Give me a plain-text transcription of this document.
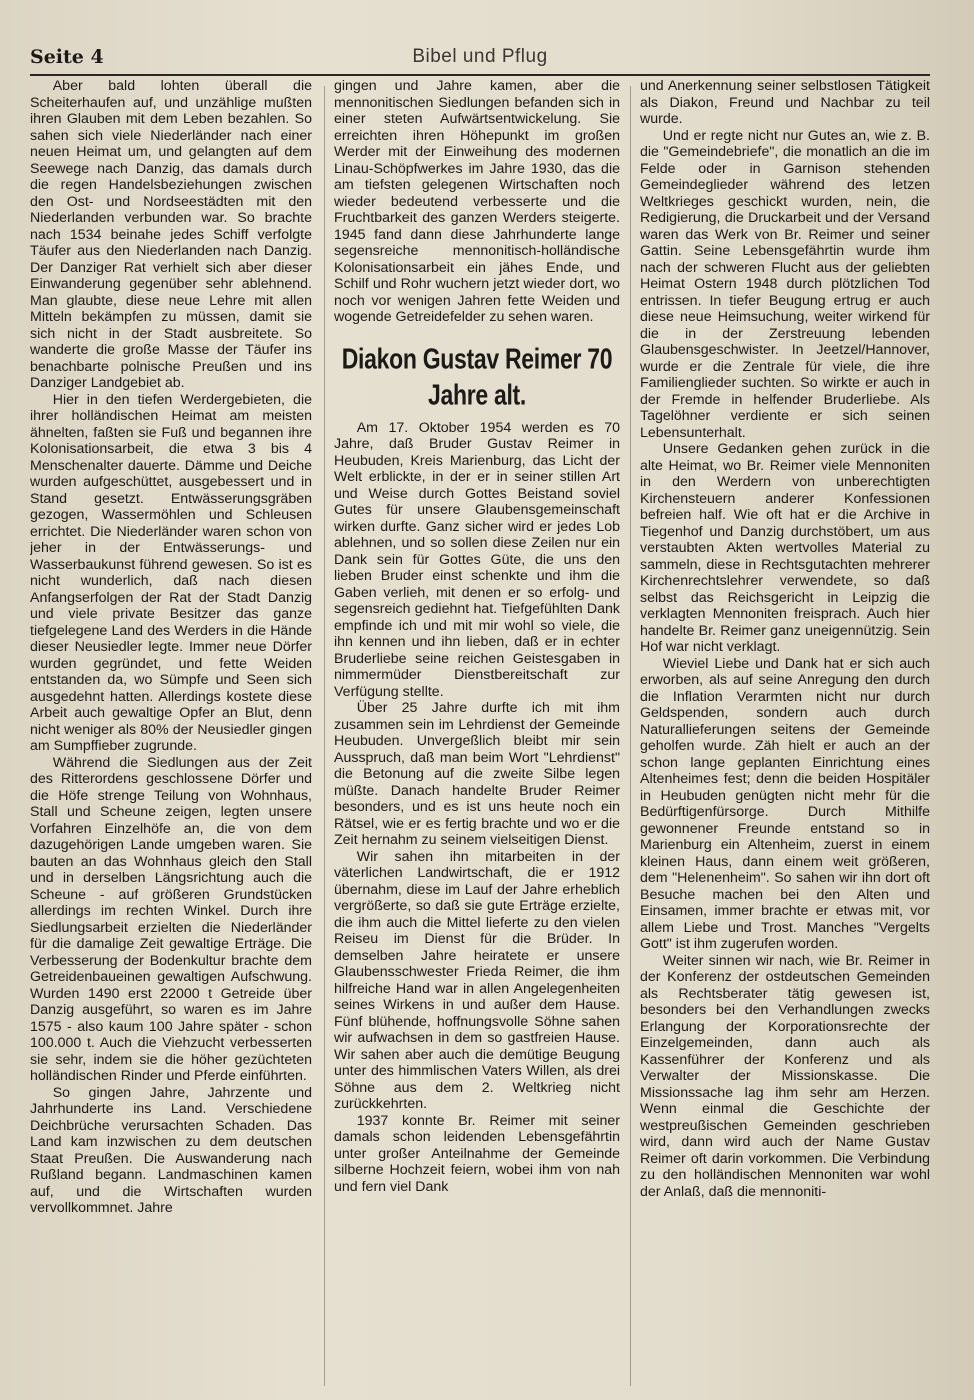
Seite 4	Bibel und Pflug

Aber bald lohten überall die Scheiterhaufen auf, und unzählige mußten ihren Glauben mit dem Leben bezahlen. So sahen sich viele Niederländer nach einer neuen Heimat um, und gelangten auf dem Seewege nach Danzig, das damals durch die regen Handelsbeziehungen zwischen den Ost- und Nordseestädten mit den Niederlanden verbunden war. So brachte nach 1534 beinahe jedes Schiff verfolgte Täufer aus den Niederlanden nach Danzig. Der Danziger Rat verhielt sich aber dieser Einwanderung gegenüber sehr ablehnend. Man glaubte, diese neue Lehre mit allen Mitteln bekämpfen zu müssen, damit sie sich nicht in der Stadt ausbreitete. So wanderte die große Masse der Täufer ins benachbarte polnische Preußen und ins Danziger Landgebiet ab.

Hier in den tiefen Werdergebieten, die ihrer holländischen Heimat am meisten ähnelten, faßten sie Fuß und begannen ihre Kolonisationsarbeit, die etwa 3 bis 4 Menschenalter dauerte. Dämme und Deiche wurden aufgeschüttet, ausgebessert und in Stand gesetzt. Entwässerungsgräben gezogen, Wassermöhlen und Schleusen errichtet. Die Niederländer waren schon von jeher in der Entwässerungs- und Wasserbaukunst führend gewesen. So ist es nicht wunderlich, daß nach diesen Anfangserfolgen der Rat der Stadt Danzig und viele private Besitzer das ganze tiefgelegene Land des Werders in die Hände dieser Neusiedler legte. Immer neue Dörfer wurden gegründet, und fette Weiden entstanden da, wo Sümpfe und Seen sich ausgedehnt hatten. Allerdings kostete diese Arbeit auch gewaltige Opfer an Blut, denn nicht weniger als 80% der Neusiedler gingen am Sumpffieber zugrunde.

Während die Siedlungen aus der Zeit des Ritterordens geschlossene Dörfer und die Höfe strenge Teilung von Wohnhaus, Stall und Scheune zeigen, legten unsere Vorfahren Einzelhöfe an, die von dem dazugehörigen Lande umgeben waren. Sie bauten an das Wohnhaus gleich den Stall und in derselben Längsrichtung auch die Scheune - auf größeren Grundstücken allerdings im rechten Winkel. Durch ihre Siedlungsarbeit erzielten die Niederländer für die damalige Zeit gewaltige Erträge. Die Verbesserung der Bodenkultur brachte dem Getreidenbaueinen gewaltigen Aufschwung. Wurden 1490 erst 22000 t Getreide über Danzig ausgeführt, so waren es im Jahre 1575 - also kaum 100 Jahre später - schon 100.000 t. Auch die Viehzucht verbesserten sie sehr, indem sie die höher gezüchteten holländischen Rinder und Pferde einführten.

So gingen Jahre, Jahrzente und Jahrhunderte ins Land. Verschiedene Deichbrüche verursachten Schaden. Das Land kam inzwischen zu dem deutschen Staat Preußen. Die Auswanderung nach Rußland begann. Landmaschinen kamen auf, und die Wirtschaften wurden vervollkommnet. Jahre

gingen und Jahre kamen, aber die mennonitischen Siedlungen befanden sich in einer steten Aufwärtsentwickelung. Sie erreichten ihren Höhepunkt im großen Werder mit der Einweihung des modernen Linau-Schöpfwerkes im Jahre 1930, das die am tiefsten gelegenen Wirtschaften noch wieder bedeutend verbesserte und die Fruchtbarkeit des ganzen Werders steigerte. 1945 fand dann diese Jahrhunderte lange segensreiche mennonitisch-holländische Kolonisationsarbeit ein jähes Ende, und Schilf und Rohr wuchern jetzt wieder dort, wo noch vor wenigen Jahren fette Weiden und wogende Getreidefelder zu sehen waren.

Diakon Gustav Reimer 70
Jahre alt.

Am 17. Oktober 1954 werden es 70 Jahre, daß Bruder Gustav Reimer in Heubuden, Kreis Marienburg, das Licht der Welt erblickte, in der er in seiner stillen Art und Weise durch Gottes Beistand soviel Gutes für unsere Glaubensgemeinschaft wirken durfte. Ganz sicher wird er jedes Lob ablehnen, und so sollen diese Zeilen nur ein Dank sein für Gottes Güte, die uns den lieben Bruder einst schenkte und ihm die Gaben verlieh, mit denen er so erfolg- und segensreich gediehnt hat. Tiefgefühlten Dank empfinde ich und mit mir wohl so viele, die ihn kennen und ihn lieben, daß er in echter Bruderliebe seine reichen Geistesgaben in nimmermüder Dienstbereitschaft zur Verfügung stellte.

Über 25 Jahre durfte ich mit ihm zusammen sein im Lehrdienst der Gemeinde Heubuden. Unvergeßlich bleibt mir sein Ausspruch, daß man beim Wort "Lehrdienst" die Betonung auf die zweite Silbe legen müßte. Danach handelte Bruder Reimer besonders, und es ist uns heute noch ein Rätsel, wie er es fertig brachte und wo er die Zeit hernahm zu seinem vielseitigen Dienst.

Wir sahen ihn mitarbeiten in der väterlichen Landwirtschaft, die er 1912 übernahm, diese im Lauf der Jahre erheblich vergrößerte, so daß sie gute Erträge erzielte, die ihm auch die Mittel lieferte zu den vielen Reiseu im Dienst für die Brüder. In demselben Jahre heiratete er unsere Glaubensschwester Frieda Reimer, die ihm hilfreiche Hand war in allen Angelegenheiten seines Wirkens in und außer dem Hause. Fünf blühende, hoffnungsvolle Söhne sahen wir aufwachsen in dem so gastfreien Hause. Wir sahen aber auch die demütige Beugung unter des himmlischen Vaters Willen, als drei Söhne aus dem 2. Weltkrieg nicht zurückkehrten.

1937 konnte Br. Reimer mit seiner damals schon leidenden Lebensgefährtin unter großer Anteilnahme der Gemeinde silberne Hochzeit feiern, wobei ihm von nah und fern viel Dank

und Anerkennung seiner selbstlosen Tätigkeit als Diakon, Freund und Nachbar zu teil wurde.

Und er regte nicht nur Gutes an, wie z. B. die "Gemeindebriefe", die monatlich an die im Felde oder in Garnison stehenden Gemeindeglieder während des letzen Weltkrieges geschickt wurden, nein, die Redigierung, die Druckarbeit und der Versand waren das Werk von Br. Reimer und seiner Gattin. Seine Lebensgefährtin wurde ihm nach der schweren Flucht aus der geliebten Heimat Ostern 1948 durch plötzlichen Tod entrissen. In tiefer Beugung ertrug er auch diese neue Heimsuchung, weiter wirkend für die in der Zerstreuung lebenden Glaubensgeschwister. In Jeetzel/Hannover, wurde er die Zentrale für viele, die ihre Familienglieder suchten. So wirkte er auch in der Fremde in helfender Bruderliebe. Als Tagelöhner verdiente er sich seinen Lebensunterhalt.

Unsere Gedanken gehen zurück in die alte Heimat, wo Br. Reimer viele Mennoniten in den Werdern von unberechtigten Kirchensteuern anderer Konfessionen befreien half. Wie oft hat er die Archive in Tiegenhof und Danzig durchstöbert, um aus verstaubten Akten wertvolles Material zu sammeln, diese in Rechtsgutachten mehrerer Kirchenrechtslehrer verwendete, so daß selbst das Reichsgericht in Leipzig die verklagten Mennoniten freisprach. Auch hier handelte Br. Reimer ganz uneigennützig. Sein Hof war nicht verklagt.

Wieviel Liebe und Dank hat er sich auch erworben, als auf seine Anregung den durch die Inflation Verarmten nicht nur durch Geldspenden, sondern auch durch Naturallieferungen seitens der Gemeinde geholfen wurde. Zäh hielt er auch an der schon lange geplanten Einrichtung eines Altenheimes fest; denn die beiden Hospitäler in Heubuden genügten nicht mehr für die Bedürftigenfürsorge. Durch Mithilfe gewonnener Freunde entstand so in Marienburg ein Altenheim, zuerst in einem kleinen Haus, dann einem weit größeren, dem "Helenenheim". So sahen wir ihn dort oft Besuche machen bei den Alten und Einsamen, immer brachte er etwas mit, vor allem Liebe und Trost. Manches "Vergelts Gott" ist ihm zugerufen worden.

Weiter sinnen wir nach, wie Br. Reimer in der Konferenz der ostdeutschen Gemeinden als Rechtsberater tätig gewesen ist, besonders bei den Verhandlungen zwecks Erlangung der Korporationsrechte der Einzelgemeinden, dann auch als Kassenführer der Konferenz und als Verwalter der Missionskasse. Die Missionssache lag ihm sehr am Herzen. Wenn einmal die Geschichte der westpreußischen Gemeinden geschrieben wird, dann wird auch der Name Gustav Reimer oft darin vorkommen. Die Verbindung zu den holländischen Mennoniten war wohl der Anlaß, daß die mennoniti-
